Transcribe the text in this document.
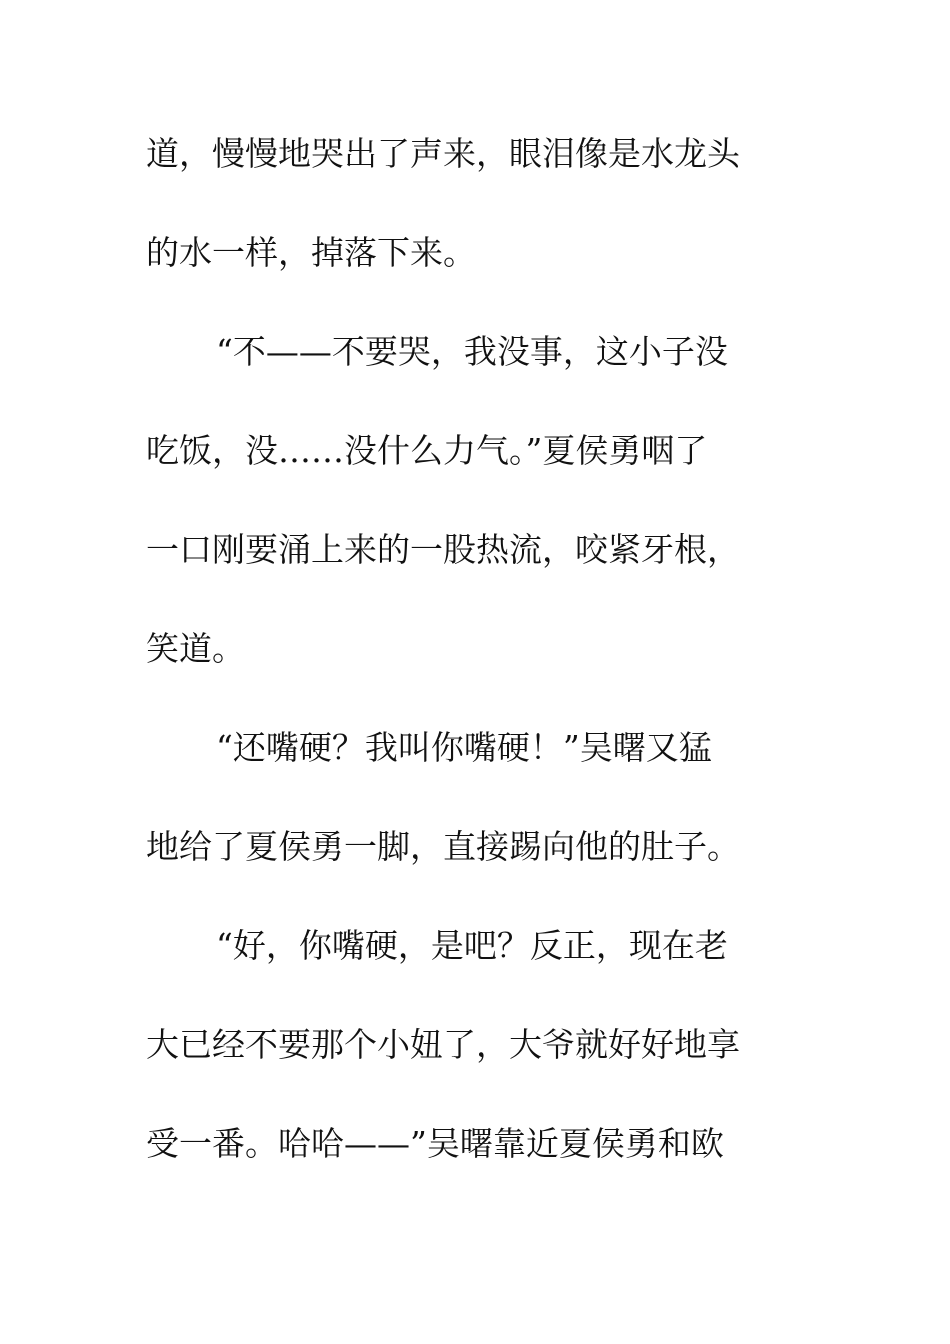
道，慢慢地哭出了声来，眼泪像是水龙头
的水一样，掉落下来。
“不——不要哭，我没事，这小子没
吃饭，没……没什么力气。”夏侯勇咽了
一口刚要涌上来的一股热流，咬紧牙根，
笑道。
“还嘴硬？我叫你嘴硬！”吴曙又猛
地给了夏侯勇一脚，直接踢向他的肚子。
“好，你嘴硬，是吧？反正，现在老
大已经不要那个小妞了，大爷就好好地享
受一番。哈哈——”吴曙靠近夏侯勇和欧
